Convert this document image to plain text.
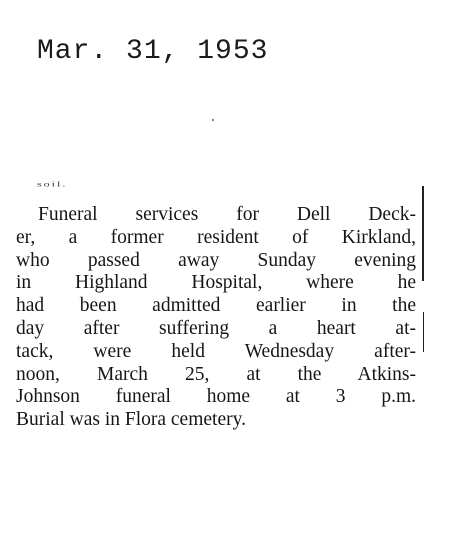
Mar. 31, 1953
soil.
Funeral services for Dell Deck-
er, a former resident of Kirkland,
who passed away Sunday evening
in Highland Hospital, where he
had been admitted earlier in the
day after suffering a heart at-
tack, were held Wednesday after-
noon, March 25, at the Atkins-
Johnson funeral home at 3 p.m.
Burial was in Flora cemetery.
